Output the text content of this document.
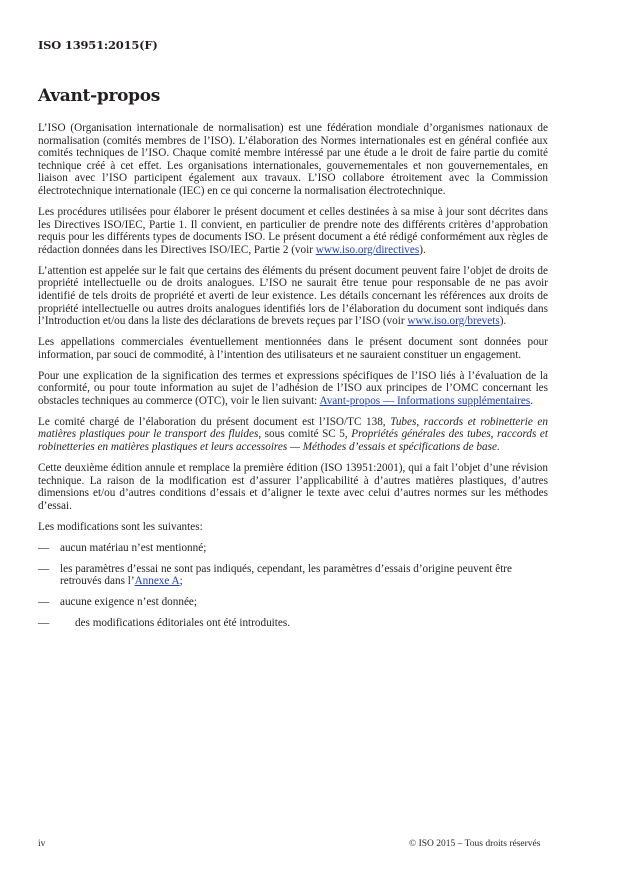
ISO 13951:2015(F)
Avant-propos

L’ISO (Organisation internationale de normalisation) est une fédération mondiale d’organismes nationaux de normalisation (comités membres de l’ISO). L’élaboration des Normes internationales est en général confiée aux comités techniques de l’ISO. Chaque comité membre intéressé par une étude a le droit de faire partie du comité technique créé à cet effet. Les organisations internationales, gouvernementales et non gouvernementales, en liaison avec l’ISO participent également aux travaux. L’ISO collabore étroitement avec la Commission électrotechnique internationale (IEC) en ce qui concerne la normalisation électrotechnique.

Les procédures utilisées pour élaborer le présent document et celles destinées à sa mise à jour sont décrites dans les Directives ISO/IEC, Partie 1. Il convient, en particulier de prendre note des différents critères d’approbation requis pour les différents types de documents ISO. Le présent document a été rédigé conformément aux règles de rédaction données dans les Directives ISO/IEC, Partie 2 (voir www.iso.org/directives).

L’attention est appelée sur le fait que certains des éléments du présent document peuvent faire l’objet de droits de propriété intellectuelle ou de droits analogues. L’ISO ne saurait être tenue pour responsable de ne pas avoir identifié de tels droits de propriété et averti de leur existence. Les détails concernant les références aux droits de propriété intellectuelle ou autres droits analogues identifiés lors de l’élaboration du document sont indiqués dans l’Introduction et/ou dans la liste des déclarations de brevets reçues par l’ISO (voir www.iso.org/brevets).

Les appellations commerciales éventuellement mentionnées dans le présent document sont données pour information, par souci de commodité, à l’intention des utilisateurs et ne sauraient constituer un engagement.

Pour une explication de la signification des termes et expressions spécifiques de l’ISO liés à l’évaluation de la conformité, ou pour toute information au sujet de l’adhésion de l’ISO aux principes de l’OMC concernant les obstacles techniques au commerce (OTC), voir le lien suivant: Avant-propos — Informations supplémentaires.

Le comité chargé de l’élaboration du présent document est l’ISO/TC 138, Tubes, raccords et robinetterie en matières plastiques pour le transport des fluides, sous comité SC 5, Propriétés générales des tubes, raccords et robinetteries en matières plastiques et leurs accessoires — Méthodes d’essais et spécifications de base.

Cette deuxième édition annule et remplace la première édition (ISO 13951:2001), qui a fait l’objet d’une révision technique. La raison de la modification est d’assurer l’applicabilité à d’autres matières plastiques, d’autres dimensions et/ou d’autres conditions d’essais et d’aligner le texte avec celui d’autres normes sur les méthodes d’essai.

Les modifications sont les suivantes:

— aucun matériau n’est mentionné;
— les paramètres d’essai ne sont pas indiqués, cependant, les paramètres d’essais d’origine peuvent être retrouvés dans l’Annexe A;
— aucune exigence n’est donnée;
— des modifications éditoriales ont été introduites.
iv	© ISO 2015 – Tous droits réservés
